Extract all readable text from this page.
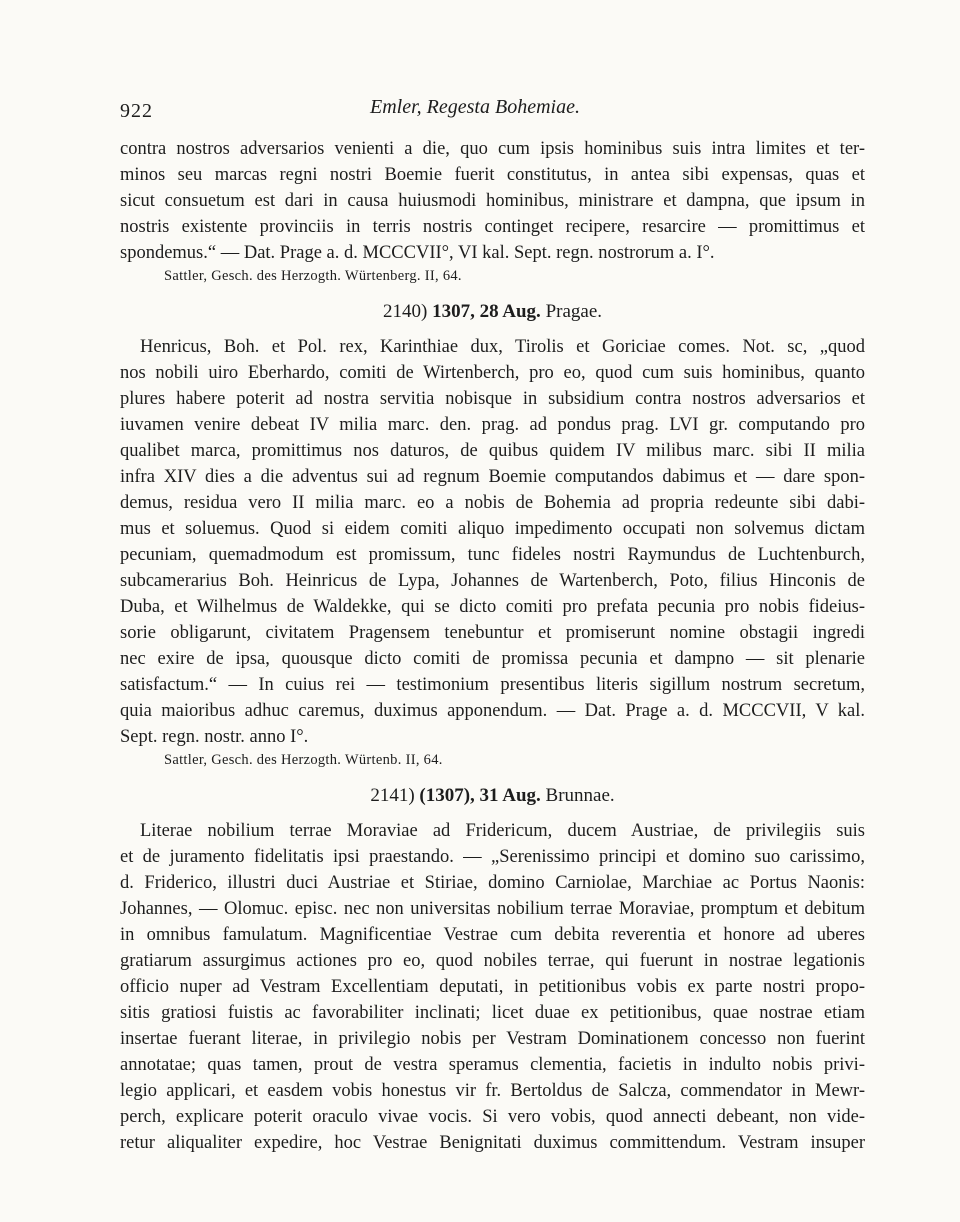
922	Emler, Regesta Bohemiae.
contra nostros adversarios venienti a die, quo cum ipsis hominibus suis intra limites et ter-
minos seu marcas regni nostri Boemie fuerit constitutus, in antea sibi expensas, quas et
sicut consuetum est dari in causa huiusmodi hominibus, ministrare et dampna, que ipsum in
nostris existente provinciis in terris nostris continget recipere, resarcire — promittimus et
spondemus.“ — Dat. Prage a. d. MCCCVII°, VI kal. Sept. regn. nostrorum a. I°.
Sattler, Gesch. des Herzogth. Würtenberg. II, 64.
2140) 1307, 28 Aug. Pragae.
Henricus, Boh. et Pol. rex, Karinthiae dux, Tirolis et Goriciae comes. Not. sc, „quod
nos nobili uiro Eberhardo, comiti de Wirtenberch, pro eo, quod cum suis hominibus, quanto
plures habere poterit ad nostra servitia nobisque in subsidium contra nostros adversarios et
iuvamen venire debeat IV milia marc. den. prag. ad pondus prag. LVI gr. computando pro
qualibet marca, promittimus nos daturos, de quibus quidem IV milibus marc. sibi II milia
infra XIV dies a die adventus sui ad regnum Boemie computandos dabimus et — dare spon-
demus, residua vero II milia marc. eo a nobis de Bohemia ad propria redeunte sibi dabi-
mus et soluemus. Quod si eidem comiti aliquo impedimento occupati non solvemus dictam
pecuniam, quemadmodum est promissum, tunc fideles nostri Raymundus de Luchtenburch,
subcamerarius Boh. Heinricus de Lypa, Johannes de Wartenberch, Poto, filius Hinconis de
Duba, et Wilhelmus de Waldekke, qui se dicto comiti pro prefata pecunia pro nobis fideius-
sorie obligarunt, civitatem Pragensem tenebuntur et promiserunt nomine obstagii ingredi
nec exire de ipsa, quousque dicto comiti de promissa pecunia et dampno — sit plenarie
satisfactum.“ — In cuius rei — testimonium presentibus literis sigillum nostrum secretum,
quia maioribus adhuc caremus, duximus apponendum. — Dat. Prage a. d. MCCCVII, V kal.
Sept. regn. nostr. anno I°.
Sattler, Gesch. des Herzogth. Würtenb. II, 64.
2141) (1307), 31 Aug. Brunnae.
Literae nobilium terrae Moraviae ad Fridericum, ducem Austriae, de privilegiis suis
et de juramento fidelitatis ipsi praestando. — „Serenissimo principi et domino suo carissimo,
d. Friderico, illustri duci Austriae et Stiriae, domino Carniolae, Marchiae ac Portus Naonis:
Johannes, — Olomuc. episc. nec non universitas nobilium terrae Moraviae, promptum et debitum
in omnibus famulatum. Magnificentiae Vestrae cum debita reverentia et honore ad uberes
gratiarum assurgimus actiones pro eo, quod nobiles terrae, qui fuerunt in nostrae legationis
officio nuper ad Vestram Excellentiam deputati, in petitionibus vobis ex parte nostri propo-
sitis gratiosi fuistis ac favorabiliter inclinati; licet duae ex petitionibus, quae nostrae etiam
insertae fuerant literae, in privilegio nobis per Vestram Dominationem concesso non fuerint
annotatae; quas tamen, prout de vestra speramus clementia, facietis in indulto nobis privi-
legio applicari, et easdem vobis honestus vir fr. Bertoldus de Salcza, commendator in Mewr-
perch, explicare poterit oraculo vivae vocis. Si vero vobis, quod annecti debeant, non vide-
retur aliqualiter expedire, hoc Vestrae Benignitati duximus committendum. Vestram insuper
